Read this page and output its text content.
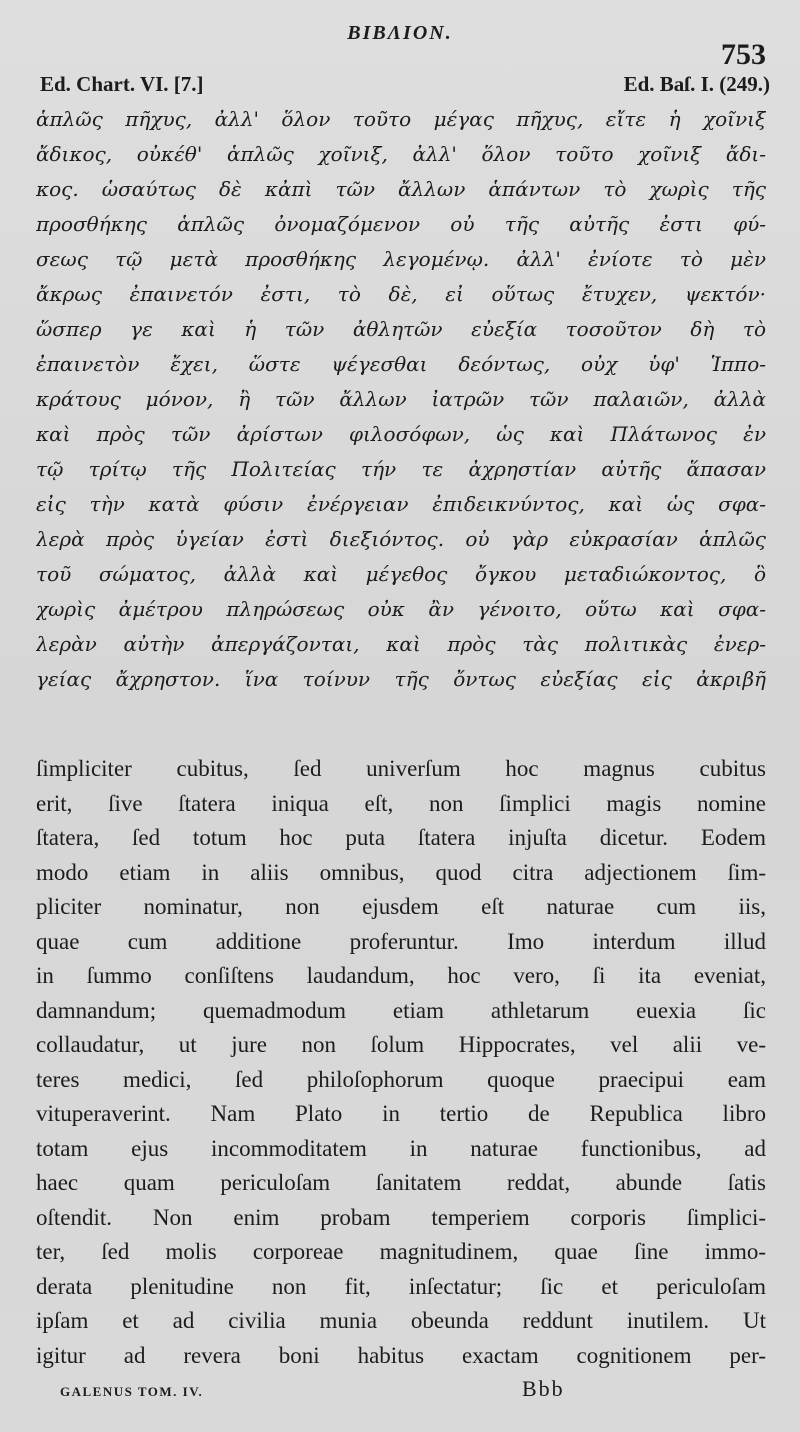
ΒΙΒΛΙΟΝ.
753
Ed. Chart. VI. [7.]	Ed. Baſ. I. (249.)
ἁπλῶς πῆχυς, ἀλλ' ὅλον τοῦτο μέγας πῆχυς, εἴτε ἡ χοῖνιξ
ἄδικος, οὐκέθ' ἁπλῶς χοῖνιξ, ἀλλ' ὅλον τοῦτο χοῖνιξ ἄδι-
κος. ὡσαύτως δὲ κἀπὶ τῶν ἄλλων ἁπάντων τὸ χωρὶς τῆς
προσθήκης ἁπλῶς ὀνομαζόμενον οὐ τῆς αὐτῆς ἐστι φύ-
σεως τῷ μετὰ προσθήκης λεγομένῳ. ἀλλ' ἐνίοτε τὸ μὲν
ἄκρως ἐπαινετόν ἐστι, τὸ δὲ, εἰ οὕτως ἔτυχεν, ψεκτόν·
ὥσπερ γε καὶ ἡ τῶν ἀθλητῶν εὐεξία τοσοῦτον δὴ τὸ
ἐπαινετὸν ἔχει, ὥστε ψέγεσθαι δεόντως, οὐχ ὑφ' Ἱππο-
κράτους μόνον, ἢ τῶν ἄλλων ἰατρῶν τῶν παλαιῶν, ἀλλὰ
καὶ πρὸς τῶν ἀρίστων φιλοσόφων, ὡς καὶ Πλάτωνος ἐν
τῷ τρίτῳ τῆς Πολιτείας τήν τε ἀχρηστίαν αὐτῆς ἅπασαν
εἰς τὴν κατὰ φύσιν ἐνέργειαν ἐπιδεικνύντος, καὶ ὡς σφα-
λερὰ πρὸς ὑγείαν ἐστὶ διεξιόντος. οὐ γὰρ εὐκρασίαν ἁπλῶς
τοῦ σώματος, ἀλλὰ καὶ μέγεθος ὄγκου μεταδιώκοντος, ὃ
χωρὶς ἀμέτρου πληρώσεως οὐκ ἂν γένοιτο, οὕτω καὶ σφα-
λερὰν αὐτὴν ἀπεργάζονται, καὶ πρὸς τὰς πολιτικὰς ἐνερ-
γείας ἄχρηστον. ἵνα τοίνυν τῆς ὄντως εὐεξίας εἰς ἀκριβῆ
ſimpliciter cubitus, ſed univerſum hoc magnus cubitus
erit, ſive ſtatera iniqua eſt, non ſimplici magis nomine
ſtatera, ſed totum hoc puta ſtatera injuſta dicetur. Eodem
modo etiam in aliis omnibus, quod citra adjectionem ſim-
pliciter nominatur, non ejusdem eſt naturae cum iis,
quae cum additione proferuntur. Imo interdum illud
in ſummo conſiſtens laudandum, hoc vero, ſi ita eveniat,
damnandum; quemadmodum etiam athletarum euexia ſic
collaudatur, ut jure non ſolum Hippocrates, vel alii ve-
teres medici, ſed philoſophorum quoque praecipui eam
vituperaverint. Nam Plato in tertio de Republica libro
totam ejus incommoditatem in naturae functionibus, ad
haec quam periculoſam ſanitatem reddat, abunde ſatis
oſtendit. Non enim probam temperiem corporis ſimplici-
ter, ſed molis corporeae magnitudinem, quae ſine immo-
derata plenitudine non fit, inſectatur; ſic et periculoſam
ipſam et ad civilia munia obeunda reddunt inutilem. Ut
igitur ad revera boni habitus exactam cognitionem per-
GALENUS TOM. IV.	Bbb
